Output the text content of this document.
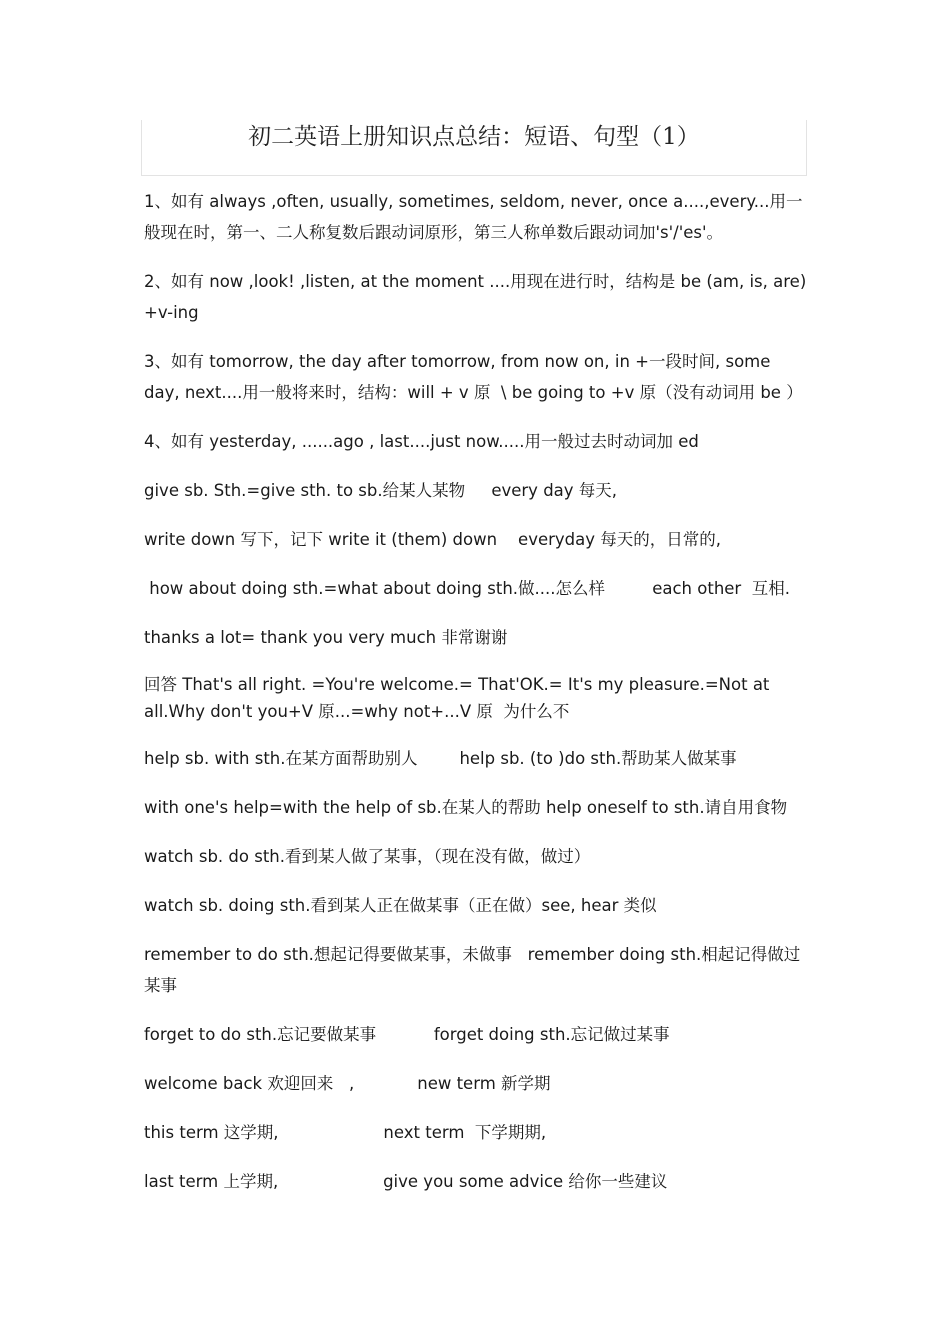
初二英语上册知识点总结：短语、句型（1）

1、如有 always ,often, usually, sometimes, seldom, never, once a....,every...用一般现在时，第一、二人称复数后跟动词原形，第三人称单数后跟动词加's'/'es'。

2、如有 now ,look! ,listen, at the moment ....用现在进行时，结构是 be (am, is, are) +v-ing

3、如有 tomorrow, the day after tomorrow, from now on, in +一段时间, some day, next....用一般将来时，结构：will + v 原  \ be going to +v 原（没有动词用 be ）

4、如有 yesterday, ......ago , last....just now.....用一般过去时动词加 ed

give sb. Sth.=give sth. to sb.给某人某物     every day 每天,

write down 写下，记下 write it (them) down    everyday 每天的，日常的,

how about doing sth.=what about doing sth.做....怎么样         each other  互相.

thanks a lot= thank you very much 非常谢谢

回答 That's all right. =You're welcome.= That'OK.= It's my pleasure.=Not at all.Why don't you+V 原...=why not+...V 原  为什么不

help sb. with sth.在某方面帮助别人        help sb. (to )do sth.帮助某人做某事

with one's help=with the help of sb.在某人的帮助 help oneself to sth.请自用食物

watch sb. do sth.看到某人做了某事，（现在没有做，做过）

watch sb. doing sth.看到某人正在做某事（正在做）see, hear 类似

remember to do sth.想起记得要做某事，未做事   remember doing sth.相起记得做过某事

forget to do sth.忘记要做某事           forget doing sth.忘记做过某事

welcome back 欢迎回来   ,            new term 新学期

this term 这学期,                    next term  下学期期,

last term 上学期,                    give you some advice 给你一些建议
